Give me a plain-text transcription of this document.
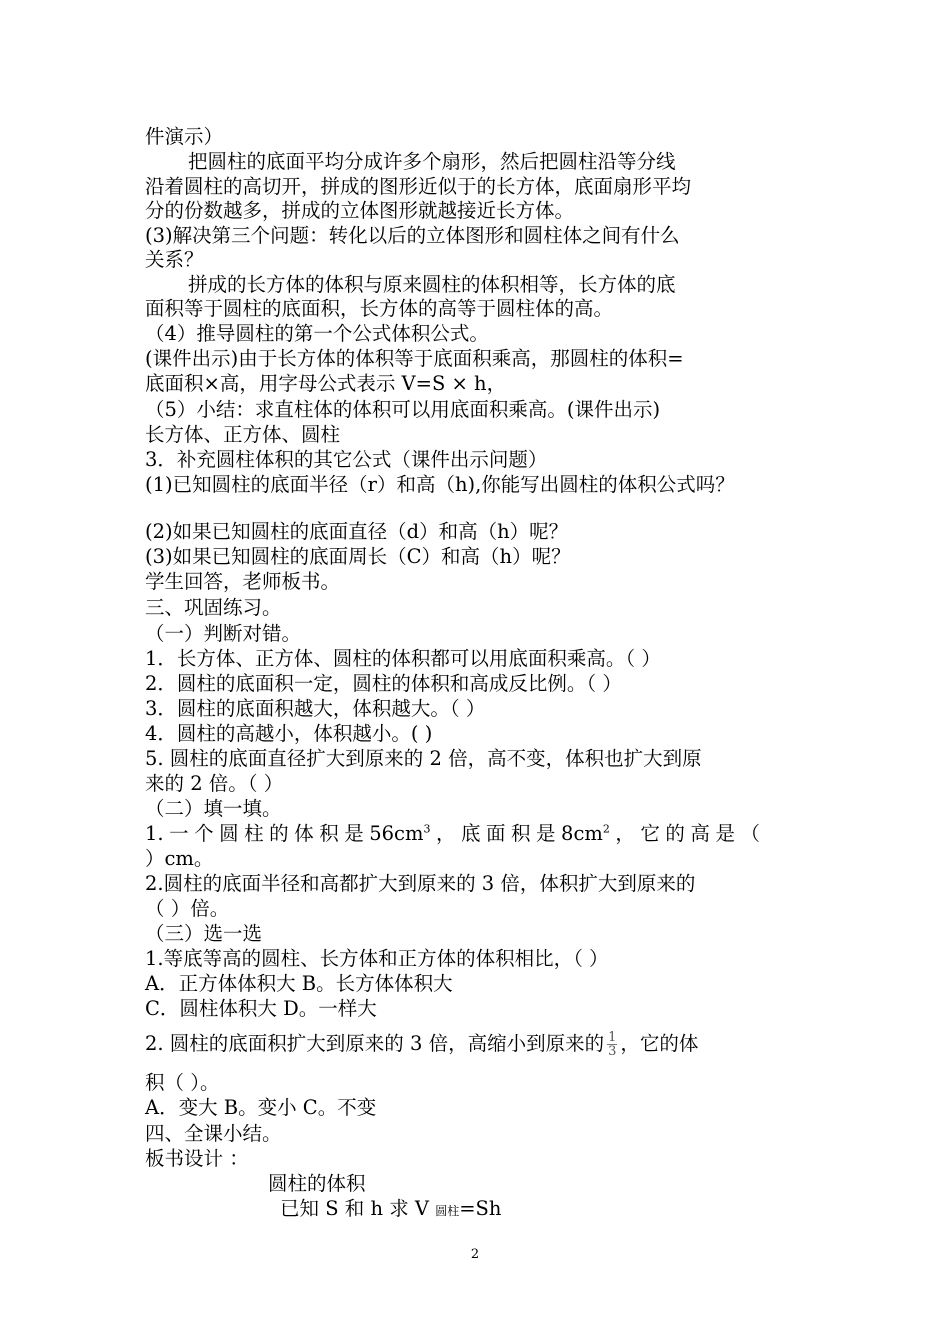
件演示）
把圆柱的底面平均分成许多个扇形，然后把圆柱沿等分线
沿着圆柱的高切开，拼成的图形近似于的长方体，底面扇形平均
分的份数越多，拼成的立体图形就越接近长方体。
(3)解决第三个问题：转化以后的立体图形和圆柱体之间有什么
关系？
拼成的长方体的体积与原来圆柱的体积相等，长方体的底
面积等于圆柱的底面积，长方体的高等于圆柱体的高。
（4）推导圆柱的第一个公式体积公式。
(课件出示)由于长方体的体积等于底面积乘高，那圆柱的体积=
底面积×高，用字母公式表示 V=S × h，
（5）小结：求直柱体的体积可以用底面积乘高。(课件出示)
长方体、正方体、圆柱
3．补充圆柱体积的其它公式（课件出示问题）
(1)已知圆柱的底面半径（r）和高（h),你能写出圆柱的体积公式吗？
(2)如果已知圆柱的底面直径（d）和高（h）呢？
(3)如果已知圆柱的底面周长（C）和高（h）呢？
学生回答，老师板书。
三、巩固练习。
（一）判断对错。
1．长方体、正方体、圆柱的体积都可以用底面积乘高。（ ）
2．圆柱的底面积一定，圆柱的体积和高成反比例。（ ）
3．圆柱的底面积越大，体积越大。（ ）
4．圆柱的高越小，体积越小。( )
5. 圆柱的底面直径扩大到原来的 2 倍，高不变，体积也扩大到原
来的 2 倍。（ ）
（二）填一填。
1. 一 个 圆 柱 的 体 积 是 $56cm^3$ ， 底 面 积 是 $8cm^2$ ， 它 的 高 是 （
）cm。
2.圆柱的底面半径和高都扩大到原来的 3 倍，体积扩大到原来的
（ ）倍。
（三）选一选
1.等底等高的圆柱、长方体和正方体的体积相比，（ ）
A．正方体体积大 B。长方体体积大
C．圆柱体积大 D。一样大
2. 圆柱的底面积扩大到原来的 3 倍，高缩小到原来的 $\frac{1}{3}$ ，它的体
积（ ）。
A．变大 B。变小 C。不变
四、全课小结。
板书设计 ：
圆柱的体积
已知 S 和 h 求 V 圆柱=Sh
2
